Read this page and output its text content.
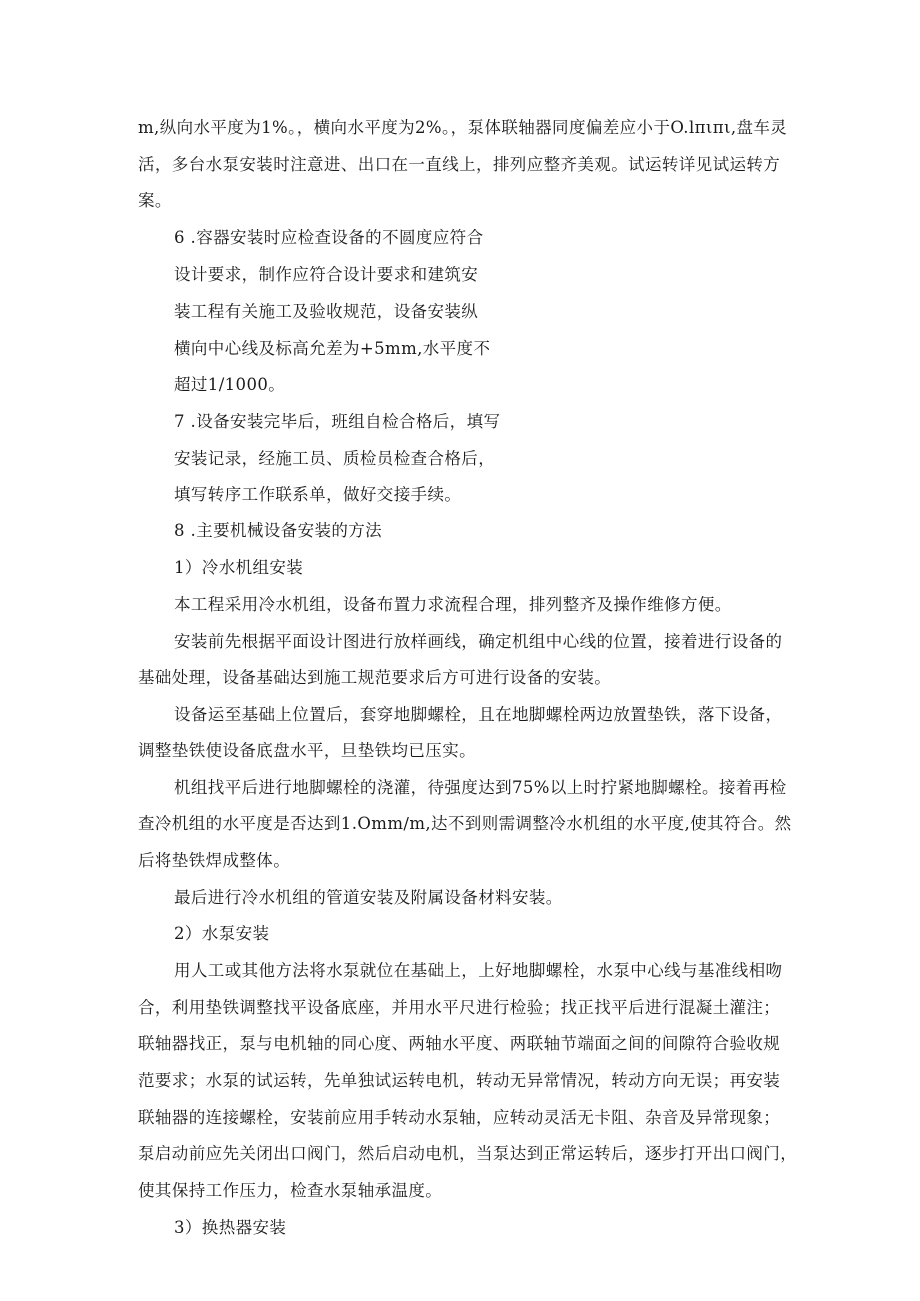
m,纵向水平度为1%。，横向水平度为2%。，泵体联轴器同度偏差应小于O.lπιπι,盘车灵
活，多台水泵安装时注意进、出口在一直线上，排列应整齐美观。试运转详见试运转方
案。
6 .容器安装时应检查设备的不圆度应符合
设计要求，制作应符合设计要求和建筑安
装工程有关施工及验收规范，设备安装纵
横向中心线及标高允差为+5mm,水平度不
超过1/1000。
7 .设备安装完毕后，班组自检合格后，填写
安装记录，经施工员、质检员检查合格后，
填写转序工作联系单，做好交接手续。
8 .主要机械设备安装的方法
1）冷水机组安装
本工程采用冷水机组，设备布置力求流程合理，排列整齐及操作维修方便。
安装前先根据平面设计图进行放样画线，确定机组中心线的位置，接着进行设备的
基础处理，设备基础达到施工规范要求后方可进行设备的安装。
设备运至基础上位置后，套穿地脚螺栓，且在地脚螺栓两边放置垫铁，落下设备，
调整垫铁使设备底盘水平，旦垫铁均已压实。
机组找平后进行地脚螺栓的浇灌，待强度达到75%以上时拧紧地脚螺栓。接着再检
查冷机组的水平度是否达到1.Omm∕m,达不到则需调整冷水机组的水平度,使其符合。然
后将垫铁焊成整体。
最后进行冷水机组的管道安装及附属设备材料安装。
2）水泵安装
用人工或其他方法将水泵就位在基础上，上好地脚螺栓，水泵中心线与基准线相吻
合，利用垫铁调整找平设备底座，并用水平尺进行检验；找正找平后进行混凝土灌注；
联轴器找正，泵与电机轴的同心度、两轴水平度、两联轴节端面之间的间隙符合验收规
范要求；水泵的试运转，先单独试运转电机，转动无异常情况，转动方向无误；再安装
联轴器的连接螺栓，安装前应用手转动水泵轴，应转动灵活无卡阻、杂音及异常现象；
泵启动前应先关闭出口阀门，然后启动电机，当泵达到正常运转后，逐步打开出口阀门，
使其保持工作压力，检查水泵轴承温度。
3）换热器安装
